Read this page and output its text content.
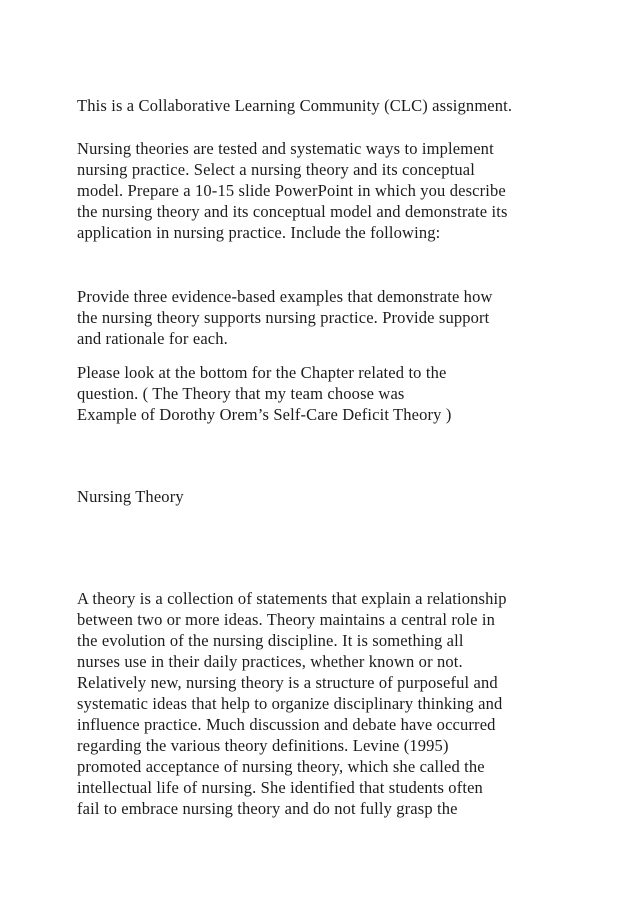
This is a Collaborative Learning Community (CLC) assignment.

Nursing theories are tested and systematic ways to implement

nursing practice. Select a nursing theory and its conceptual

model. Prepare a 10-15 slide PowerPoint in which you describe

the nursing theory and its conceptual model and demonstrate its

application in nursing practice. Include the following:

Provide three evidence-based examples that demonstrate how

the nursing theory supports nursing practice. Provide support

and rationale for each.

Please look at the bottom for the Chapter related to the

question. ( The Theory that my team choose was

Example of Dorothy Orem’s Self-Care Deficit Theory )

Nursing Theory

A theory is a collection of statements that explain a relationship

between two or more ideas. Theory maintains a central role in

the evolution of the nursing discipline. It is something all

nurses use in their daily practices, whether known or not.

Relatively new, nursing theory is a structure of purposeful and

systematic ideas that help to organize disciplinary thinking and

influence practice. Much discussion and debate have occurred

regarding the various theory definitions. Levine (1995)

promoted acceptance of nursing theory, which she called the

intellectual life of nursing. She identified that students often

fail to embrace nursing theory and do not fully grasp the
